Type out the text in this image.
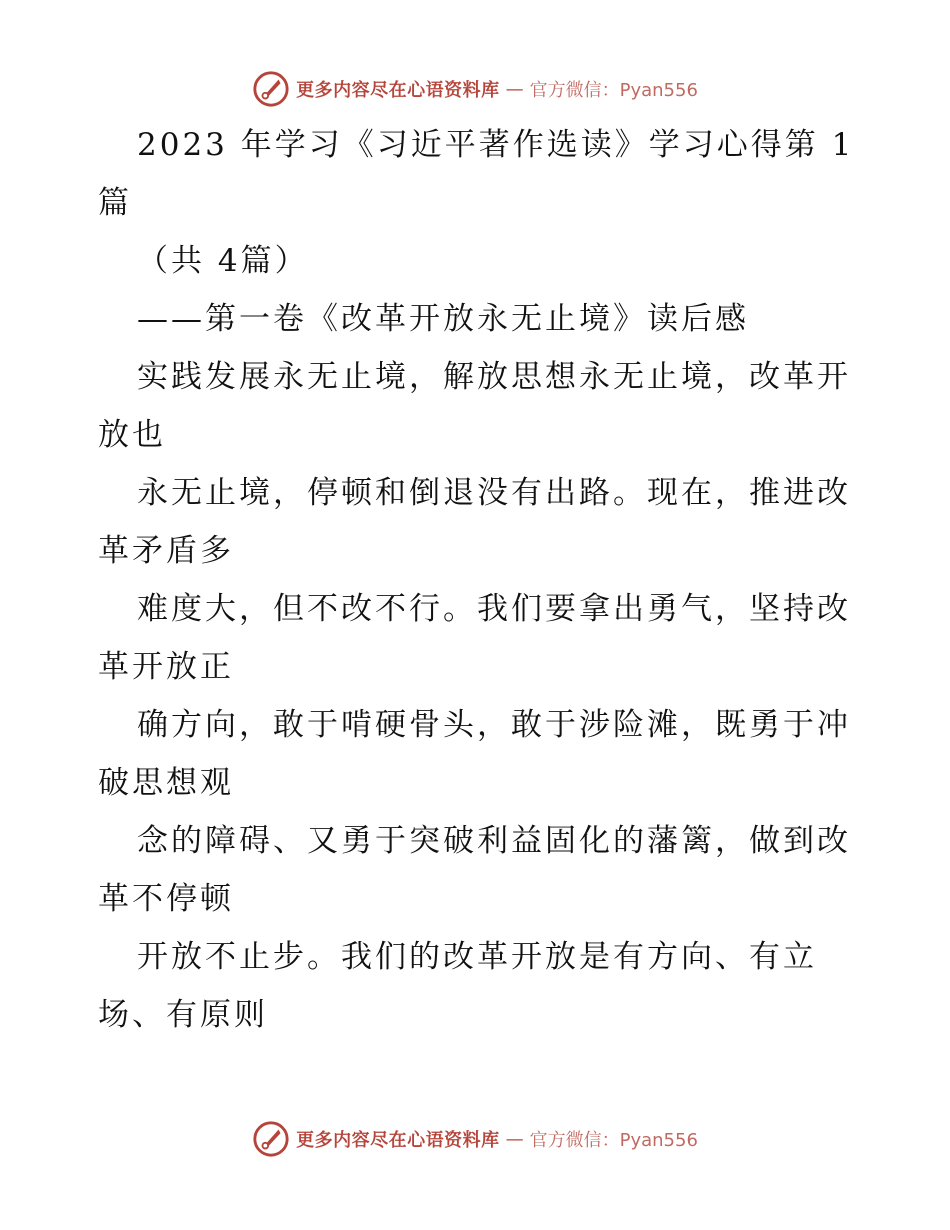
更多内容尽在心语资料库 — 官方微信：Pyan556

2023 年学习《习近平著作选读》学习心得第 1 篇

（共 4篇）

——第一卷《改革开放永无止境》读后感

实践发展永无止境，解放思想永无止境，改革开放也

永无止境，停顿和倒退没有出路。现在，推进改革矛盾多

难度大，但不改不行。我们要拿出勇气，坚持改革开放正

确方向，敢于啃硬骨头，敢于涉险滩，既勇于冲破思想观

念的障碍、又勇于突破利益固化的藩篱，做到改革不停顿

开放不止步。我们的改革开放是有方向、有立场、有原则

更多内容尽在心语资料库 — 官方微信：Pyan556
